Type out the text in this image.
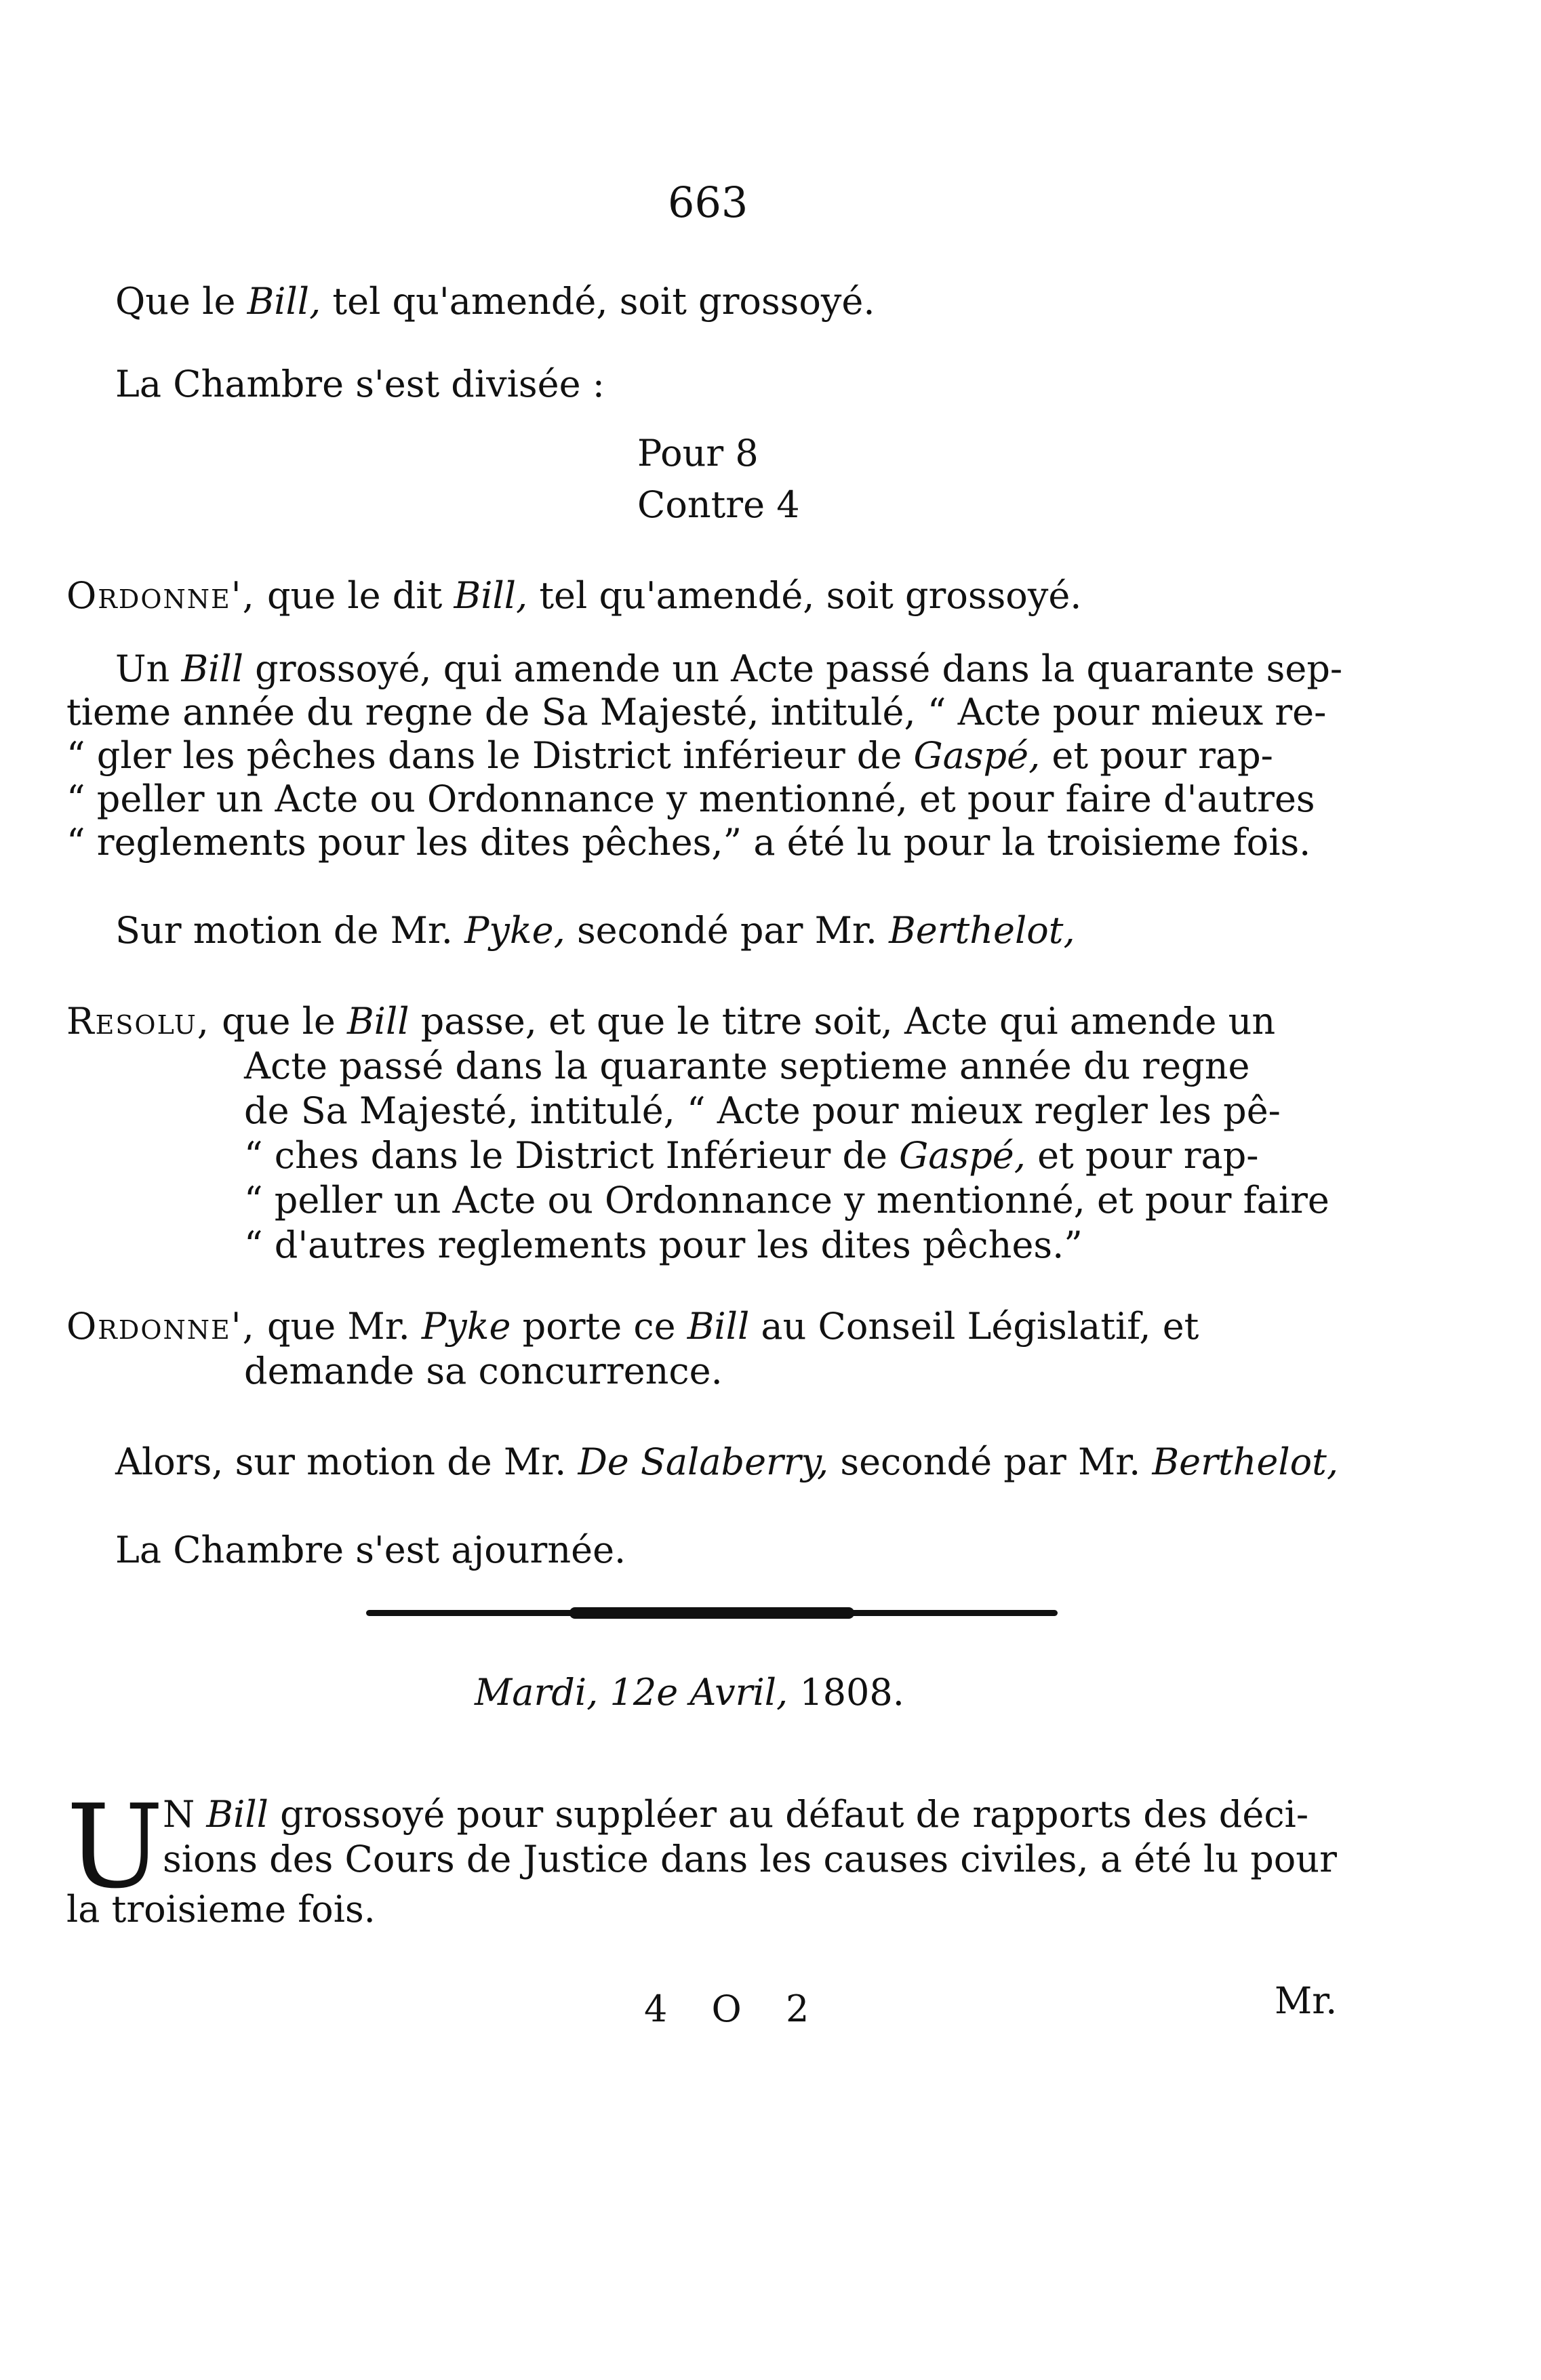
663
Que le Bill, tel qu'amendé, soit grossoyé.
La Chambre s'est divisée :
Pour 8
Contre 4
Ordonne', que le dit Bill, tel qu'amendé, soit grossoyé.
Un Bill grossoyé, qui amende un Acte passé dans la quarante sep-
tieme année du regne de Sa Majesté, intitulé, “ Acte pour mieux re-
“ gler les pêches dans le District inférieur de Gaspé, et pour rap-
“ peller un Acte ou Ordonnance y mentionné, et pour faire d'autres
“ reglements pour les dites pêches,” a été lu pour la troisieme fois.
Sur motion de Mr. Pyke, secondé par Mr. Berthelot,
Resolu, que le Bill passe, et que le titre soit, Acte qui amende un
Acte passé dans la quarante septieme année du regne
de Sa Majesté, intitulé, “ Acte pour mieux regler les pê-
“ ches dans le District Inférieur de Gaspé, et pour rap-
“ peller un Acte ou Ordonnance y mentionné, et pour faire
“ d'autres reglements pour les dites pêches.”
Ordonne', que Mr. Pyke porte ce Bill au Conseil Législatif, et
demande sa concurrence.
Alors, sur motion de Mr. De Salaberry, secondé par Mr. Berthelot,
La Chambre s'est ajournée.
Mardi, 12e Avril, 1808.
U
N Bill grossoyé pour suppléer au défaut de rapports des déci-
sions des Cours de Justice dans les causes civiles, a été lu pour
la troisieme fois.
4 O 2	Mr.
